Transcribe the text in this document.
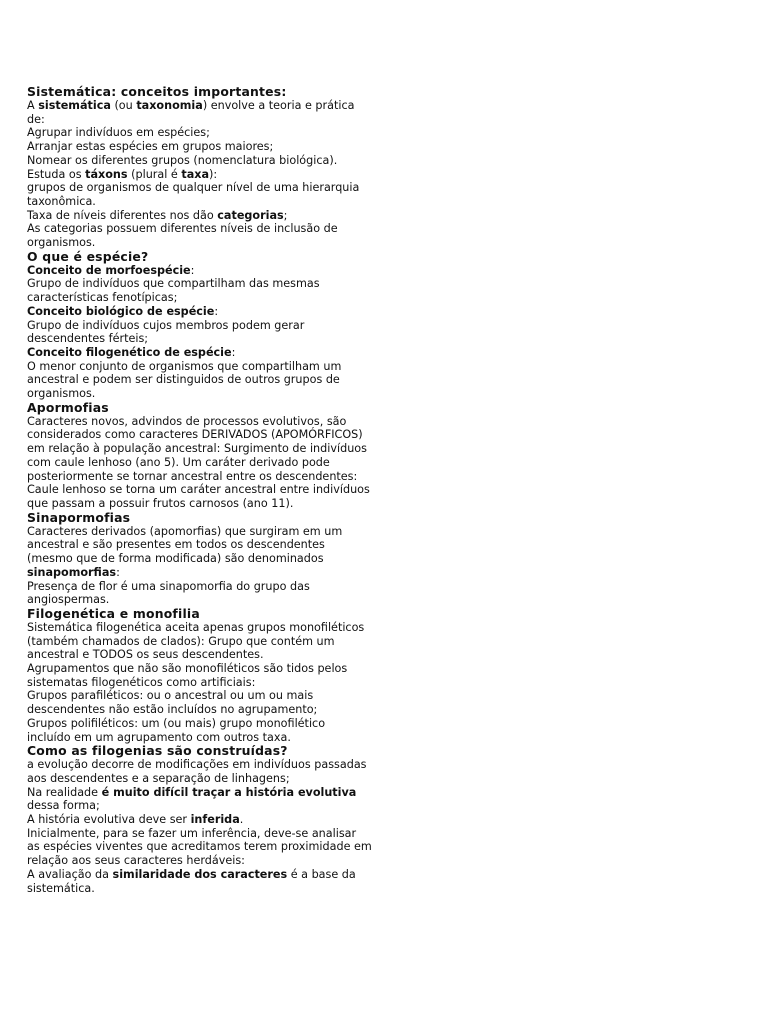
Sistemática: conceitos importantes:

A sistemática (ou taxonomia) envolve a teoria e prática de:

Agrupar indivíduos em espécies;

Arranjar estas espécies em grupos maiores;

Nomear os diferentes grupos (nomenclatura biológica).

Estuda os táxons (plural é taxa):

grupos de organismos de qualquer nível de uma hierarquia taxonômica.

Taxa de níveis diferentes nos dão categorias;

As categorias possuem diferentes níveis de inclusão de organismos.

O que é espécie?

Conceito de morfoespécie:

Grupo de indivíduos que compartilham das mesmas características fenotípicas;

Conceito biológico de espécie:

Grupo de indivíduos cujos membros podem gerar descendentes férteis;

Conceito filogenético de espécie:

O menor conjunto de organismos que compartilham um ancestral e podem ser distinguidos de outros grupos de organismos.

Apormofias

Caracteres novos, advindos de processos evolutivos, são considerados como caracteres DERIVADOS (APOMÓRFICOS) em relação à população ancestral: Surgimento de indivíduos com caule lenhoso (ano 5). Um caráter derivado pode posteriormente se tornar ancestral entre os descendentes: Caule lenhoso se torna um caráter ancestral entre indivíduos que passam a possuir frutos carnosos (ano 11).

Sinapormofias

Caracteres derivados (apomorfias) que surgiram em um ancestral e são presentes em todos os descendentes (mesmo que de forma modificada) são denominados sinapomorfias:

Presença de flor é uma sinapomorfia do grupo das angiospermas.

Filogenética e monofilia

Sistemática filogenética aceita apenas grupos monofiléticos (também chamados de clados): Grupo que contém um ancestral e TODOS os seus descendentes.

Agrupamentos que não são monofiléticos são tidos pelos sistematas filogenéticos como artificiais:

Grupos parafiléticos: ou o ancestral ou um ou mais descendentes não estão incluídos no agrupamento;

Grupos polifiléticos: um (ou mais) grupo monofilético incluído em um agrupamento com outros taxa.

Como as filogenias são construídas?

a evolução decorre de modificações em indivíduos passadas aos descendentes e a separação de linhagens;

Na realidade é muito difícil traçar a história evolutiva dessa forma;

A história evolutiva deve ser inferida.

Inicialmente, para se fazer um inferência, deve-se analisar as espécies viventes que acreditamos terem proximidade em relação aos seus caracteres herdáveis:

A avaliação da similaridade dos caracteres é a base da sistemática.
